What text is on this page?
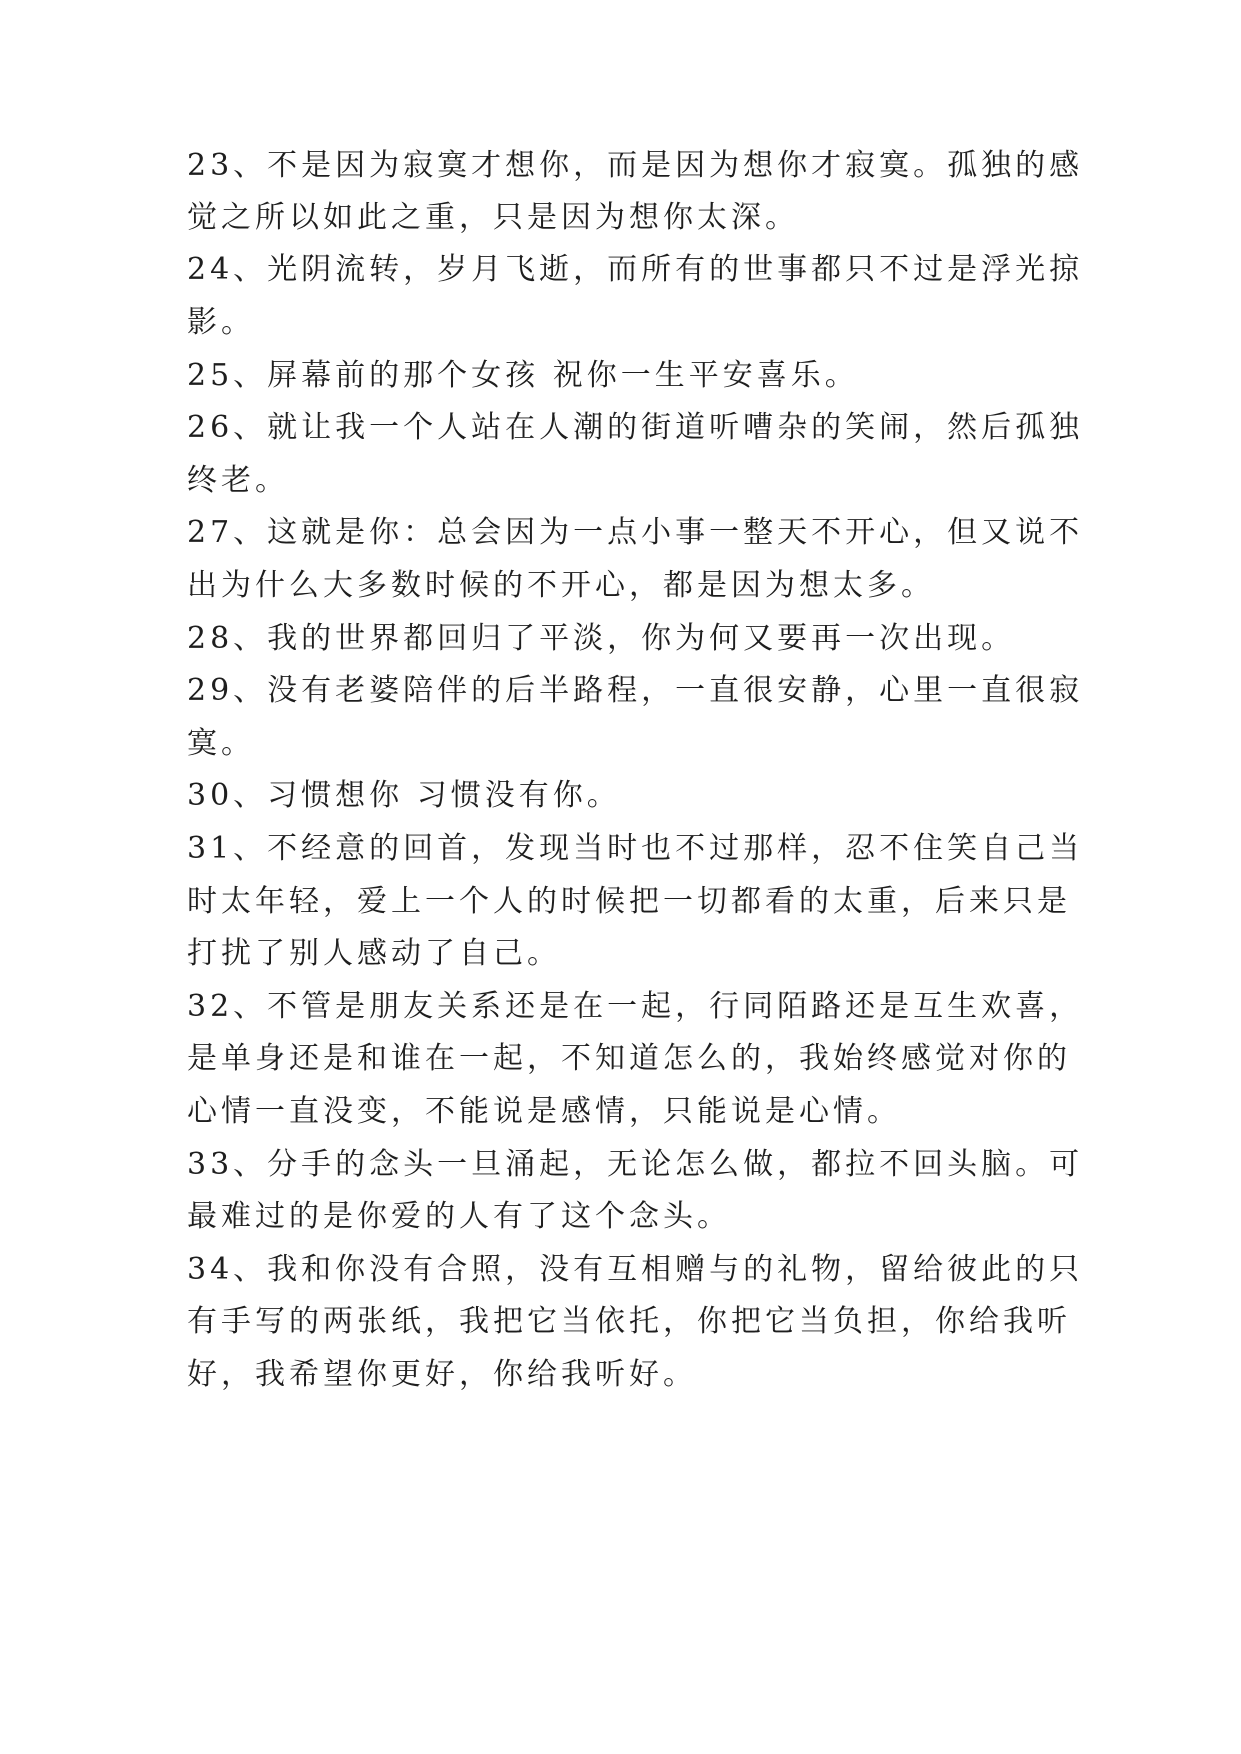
23、不是因为寂寞才想你，而是因为想你才寂寞。孤独的感
觉之所以如此之重，只是因为想你太深。
24、光阴流转，岁月飞逝，而所有的世事都只不过是浮光掠
影。
25、屏幕前的那个女孩 祝你一生平安喜乐。
26、就让我一个人站在人潮的街道听嘈杂的笑闹，然后孤独
终老。
27、这就是你：总会因为一点小事一整天不开心，但又说不
出为什么大多数时候的不开心，都是因为想太多。
28、我的世界都回归了平淡，你为何又要再一次出现。
29、没有老婆陪伴的后半路程，一直很安静，心里一直很寂
寞。
30、习惯想你 习惯没有你。
31、不经意的回首，发现当时也不过那样，忍不住笑自己当
时太年轻，爱上一个人的时候把一切都看的太重，后来只是
打扰了别人感动了自己。
32、不管是朋友关系还是在一起，行同陌路还是互生欢喜，
是单身还是和谁在一起，不知道怎么的，我始终感觉对你的
心情一直没变，不能说是感情，只能说是心情。
33、分手的念头一旦涌起，无论怎么做，都拉不回头脑。可
最难过的是你爱的人有了这个念头。
34、我和你没有合照，没有互相赠与的礼物，留给彼此的只
有手写的两张纸，我把它当依托，你把它当负担，你给我听
好，我希望你更好，你给我听好。
